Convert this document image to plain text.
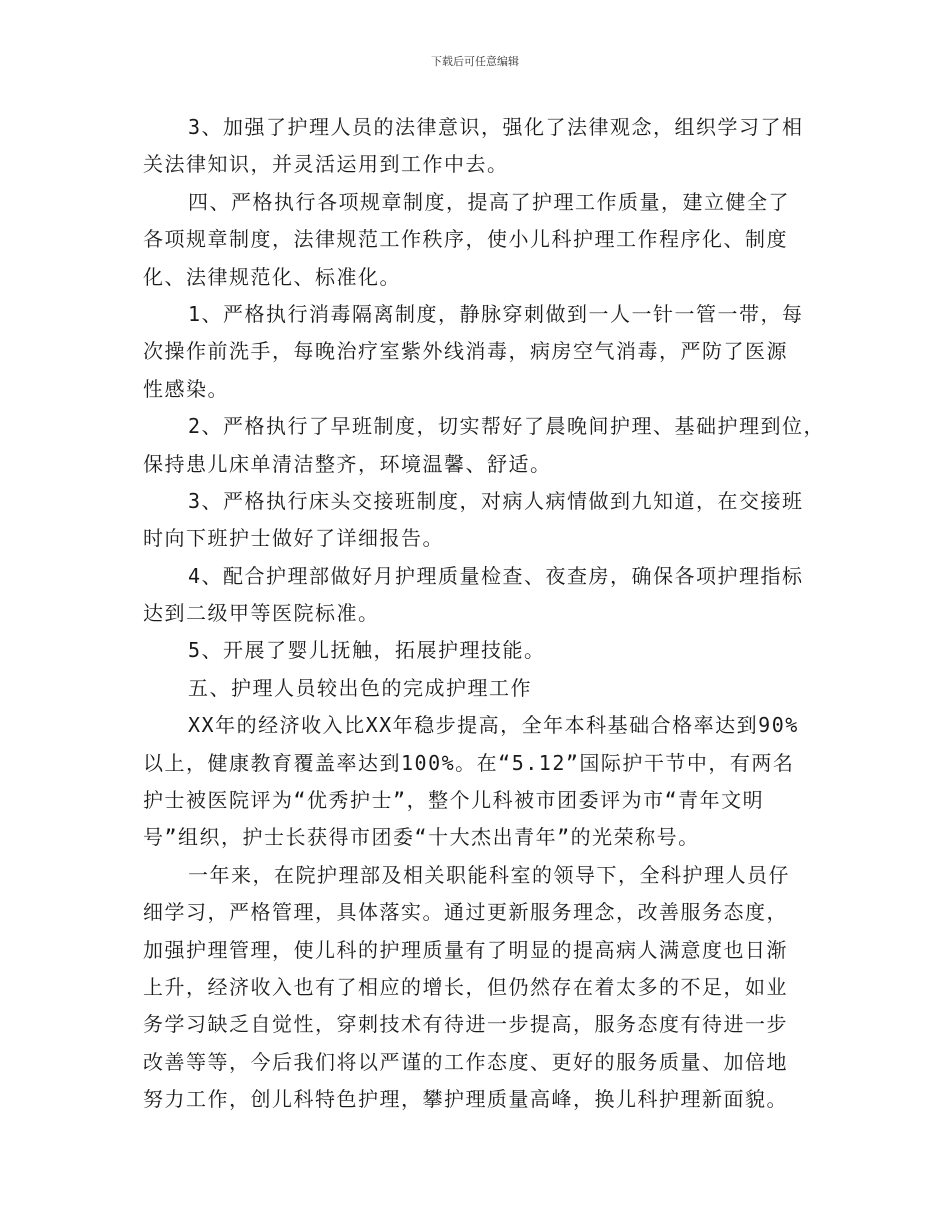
下载后可任意编辑
3、加强了护理人员的法律意识，强化了法律观念，组织学习了相
关法律知识，并灵活运用到工作中去。
四、严格执行各项规章制度，提高了护理工作质量，建立健全了
各项规章制度，法律规范工作秩序，使小儿科护理工作程序化、制度
化、法律规范化、标准化。
1、严格执行消毒隔离制度，静脉穿刺做到一人一针一管一带，每
次操作前洗手，每晚治疗室紫外线消毒，病房空气消毒，严防了医源
性感染。
2、严格执行了早班制度，切实帮好了晨晚间护理、基础护理到位，
保持患儿床单清洁整齐，环境温馨、舒适。
3、严格执行床头交接班制度，对病人病情做到九知道，在交接班
时向下班护士做好了详细报告。
4、配合护理部做好月护理质量检查、夜查房，确保各项护理指标
达到二级甲等医院标准。
5、开展了婴儿抚触，拓展护理技能。
五、护理人员较出色的完成护理工作
XX年的经济收入比XX年稳步提高，全年本科基础合格率达到90%
以上，健康教育覆盖率达到100%。在“5.12”国际护干节中，有两名
护士被医院评为“优秀护士”，整个儿科被市团委评为市“青年文明
号”组织，护士长获得市团委“十大杰出青年”的光荣称号。
一年来，在院护理部及相关职能科室的领导下，全科护理人员仔
细学习，严格管理，具体落实。通过更新服务理念，改善服务态度，
加强护理管理，使儿科的护理质量有了明显的提高病人满意度也日渐
上升，经济收入也有了相应的增长，但仍然存在着太多的不足，如业
务学习缺乏自觉性，穿刺技术有待进一步提高，服务态度有待进一步
改善等等，今后我们将以严谨的工作态度、更好的服务质量、加倍地
努力工作，创儿科特色护理，攀护理质量高峰，换儿科护理新面貌。
